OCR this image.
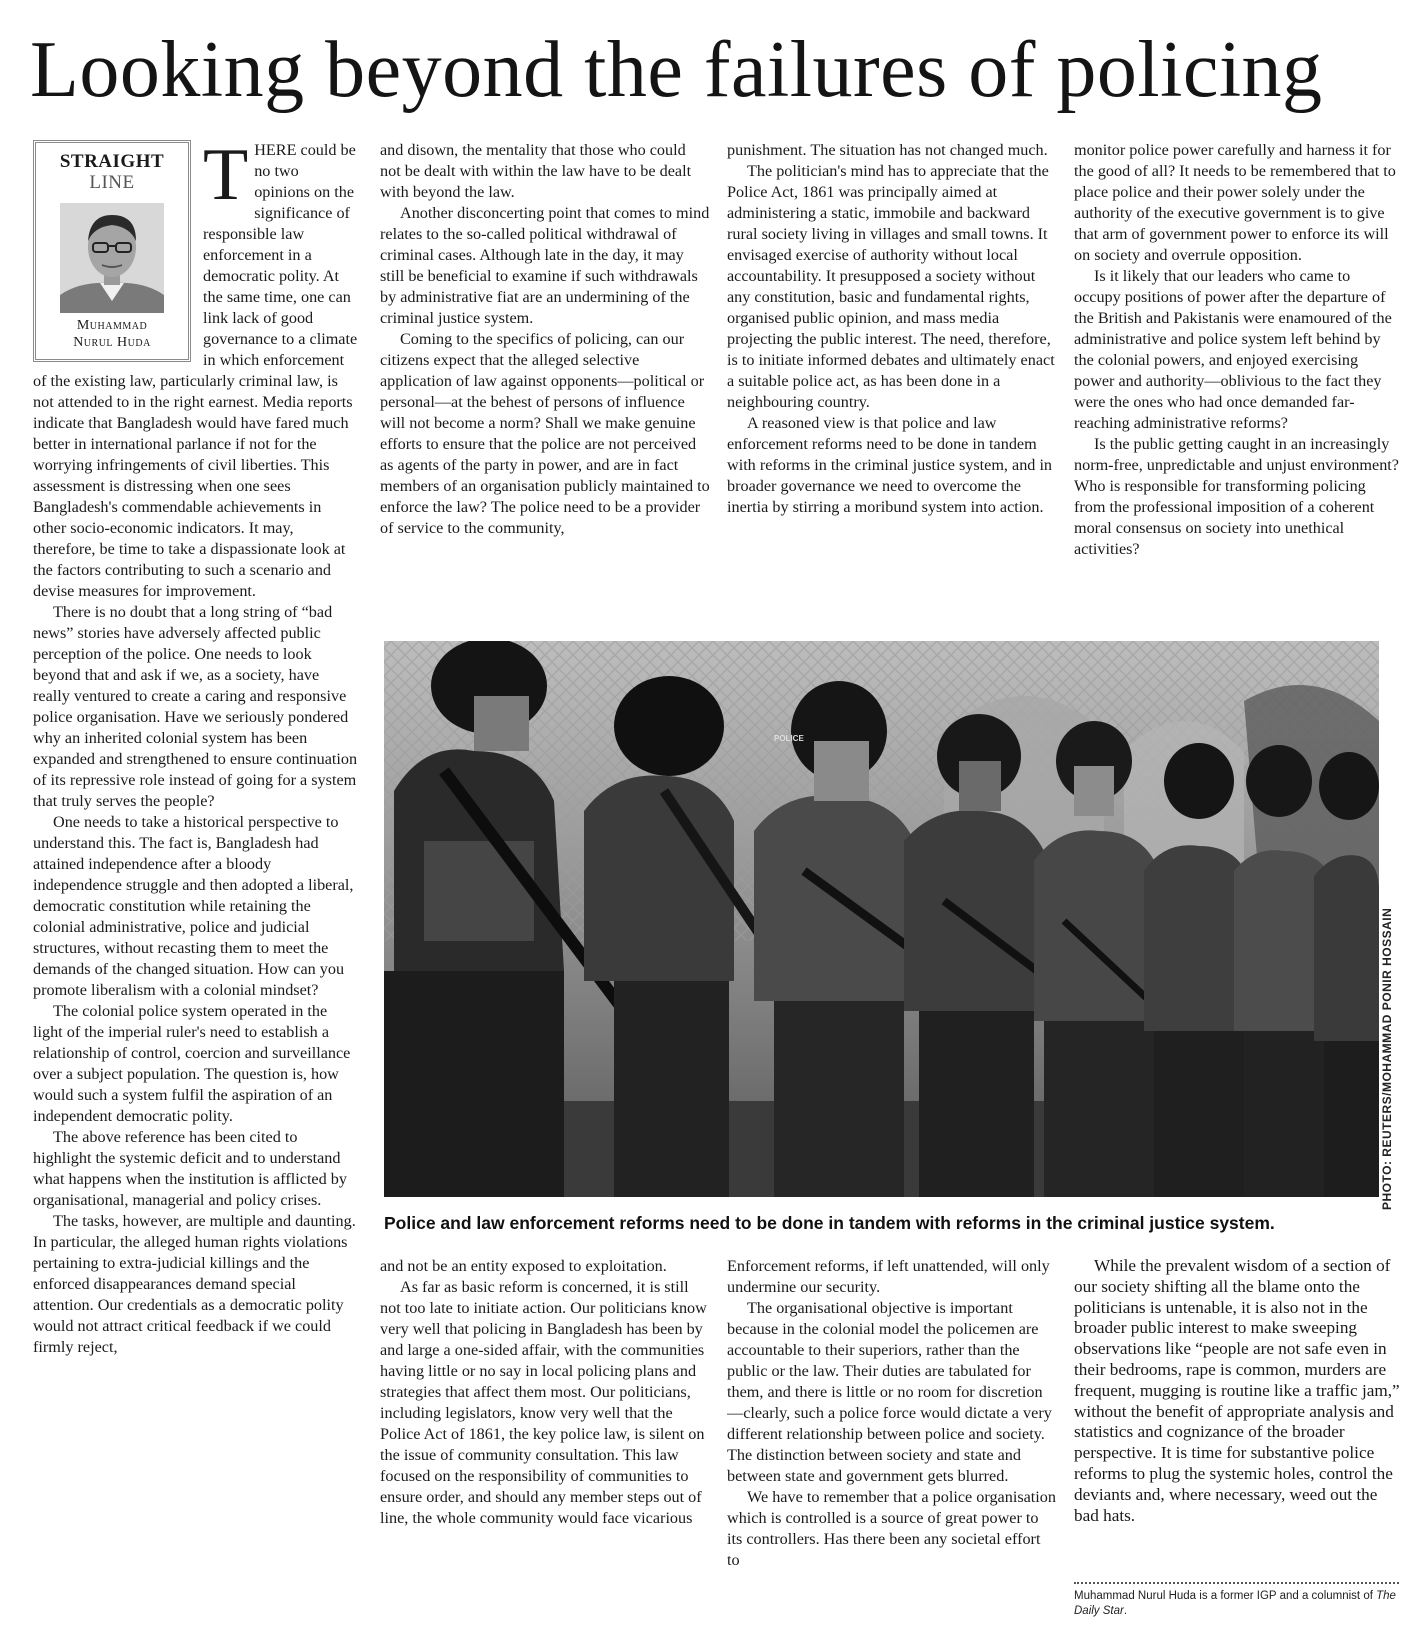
Looking beyond the failures of policing
STRAIGHT
LINE
Muhammad
Nurul Huda

THERE could be no two opinions on the significance of responsible law enforcement in a democratic polity. At the same time, one can link lack of good governance to a climate in which enforcement of the existing law, particularly criminal law, is not attended to in the right earnest. Media reports indicate that Bangladesh would have fared much better in international parlance if not for the worrying infringements of civil liberties. This assessment is distressing when one sees Bangladesh's commendable achievements in other socio-economic indicators. It may, therefore, be time to take a dispassionate look at the factors contributing to such a scenario and devise measures for improvement.

There is no doubt that a long string of “bad news” stories have adversely affected public perception of the police. One needs to look beyond that and ask if we, as a society, have really ventured to create a caring and responsive police organisation. Have we seriously pondered why an inherited colonial system has been expanded and strengthened to ensure continuation of its repressive role instead of going for a system that truly serves the people?

One needs to take a historical perspective to understand this. The fact is, Bangladesh had attained independence after a bloody independence struggle and then adopted a liberal, democratic constitution while retaining the colonial administrative, police and judicial structures, without recasting them to meet the demands of the changed situation. How can you promote liberalism with a colonial mindset?

The colonial police system operated in the light of the imperial ruler's need to establish a relationship of control, coercion and surveillance over a subject population. The question is, how would such a system fulfil the aspiration of an independent democratic polity.

The above reference has been cited to highlight the systemic deficit and to understand what happens when the institution is afflicted by organisational, managerial and policy crises.

The tasks, however, are multiple and daunting. In particular, the alleged human rights violations pertaining to extra-judicial killings and the enforced disappearances demand special attention. Our credentials as a democratic polity would not attract critical feedback if we could firmly reject,

and disown, the mentality that those who could not be dealt with within the law have to be dealt with beyond the law.

Another disconcerting point that comes to mind relates to the so-called political withdrawal of criminal cases. Although late in the day, it may still be beneficial to examine if such withdrawals by administrative fiat are an undermining of the criminal justice system.

Coming to the specifics of policing, can our citizens expect that the alleged selective application of law against opponents—political or personal—at the behest of persons of influence will not become a norm? Shall we make genuine efforts to ensure that the police are not perceived as agents of the party in power, and are in fact members of an organisation publicly maintained to enforce the law? The police need to be a provider of service to the community,

punishment. The situation has not changed much.

The politician's mind has to appreciate that the Police Act, 1861 was principally aimed at administering a static, immobile and backward rural society living in villages and small towns. It envisaged exercise of authority without local accountability. It presupposed a society without any constitution, basic and fundamental rights, organised public opinion, and mass media projecting the public interest. The need, therefore, is to initiate informed debates and ultimately enact a suitable police act, as has been done in a neighbouring country.

A reasoned view is that police and law enforcement reforms need to be done in tandem with reforms in the criminal justice system, and in broader governance we need to overcome the inertia by stirring a moribund system into action.

monitor police power carefully and harness it for the good of all? It needs to be remembered that to place police and their power solely under the authority of the executive government is to give that arm of government power to enforce its will on society and overrule opposition.

Is it likely that our leaders who came to occupy positions of power after the departure of the British and Pakistanis were enamoured of the administrative and police system left behind by the colonial powers, and enjoyed exercising power and authority—oblivious to the fact they were the ones who had once demanded far-reaching administrative reforms?

Is the public getting caught in an increasingly norm-free, unpredictable and unjust environment? Who is responsible for transforming policing from the professional imposition of a coherent moral consensus on society into unethical activities?

POLICE
PHOTO: REUTERS/MOHAMMAD PONIR HOSSAIN
Police and law enforcement reforms need to be done in tandem with reforms in the criminal justice system.

and not be an entity exposed to exploitation.

As far as basic reform is concerned, it is still not too late to initiate action. Our politicians know very well that policing in Bangladesh has been by and large a one-sided affair, with the communities having little or no say in local policing plans and strategies that affect them most. Our politicians, including legislators, know very well that the Police Act of 1861, the key police law, is silent on the issue of community consultation. This law focused on the responsibility of communities to ensure order, and should any member steps out of line, the whole community would face vicarious

Enforcement reforms, if left unattended, will only undermine our security.

The organisational objective is important because in the colonial model the policemen are accountable to their superiors, rather than the public or the law. Their duties are tabulated for them, and there is little or no room for discretion—clearly, such a police force would dictate a very different relationship between police and society. The distinction between society and state and between state and government gets blurred.

We have to remember that a police organisation which is controlled is a source of great power to its controllers. Has there been any societal effort to

While the prevalent wisdom of a section of our society shifting all the blame onto the politicians is untenable, it is also not in the broader public interest to make sweeping observations like “people are not safe even in their bedrooms, rape is common, murders are frequent, mugging is routine like a traffic jam,” without the benefit of appropriate analysis and statistics and cognizance of the broader perspective. It is time for substantive police reforms to plug the systemic holes, control the deviants and, where necessary, weed out the bad hats.

Muhammad Nurul Huda is a former IGP and a columnist of The Daily Star.
